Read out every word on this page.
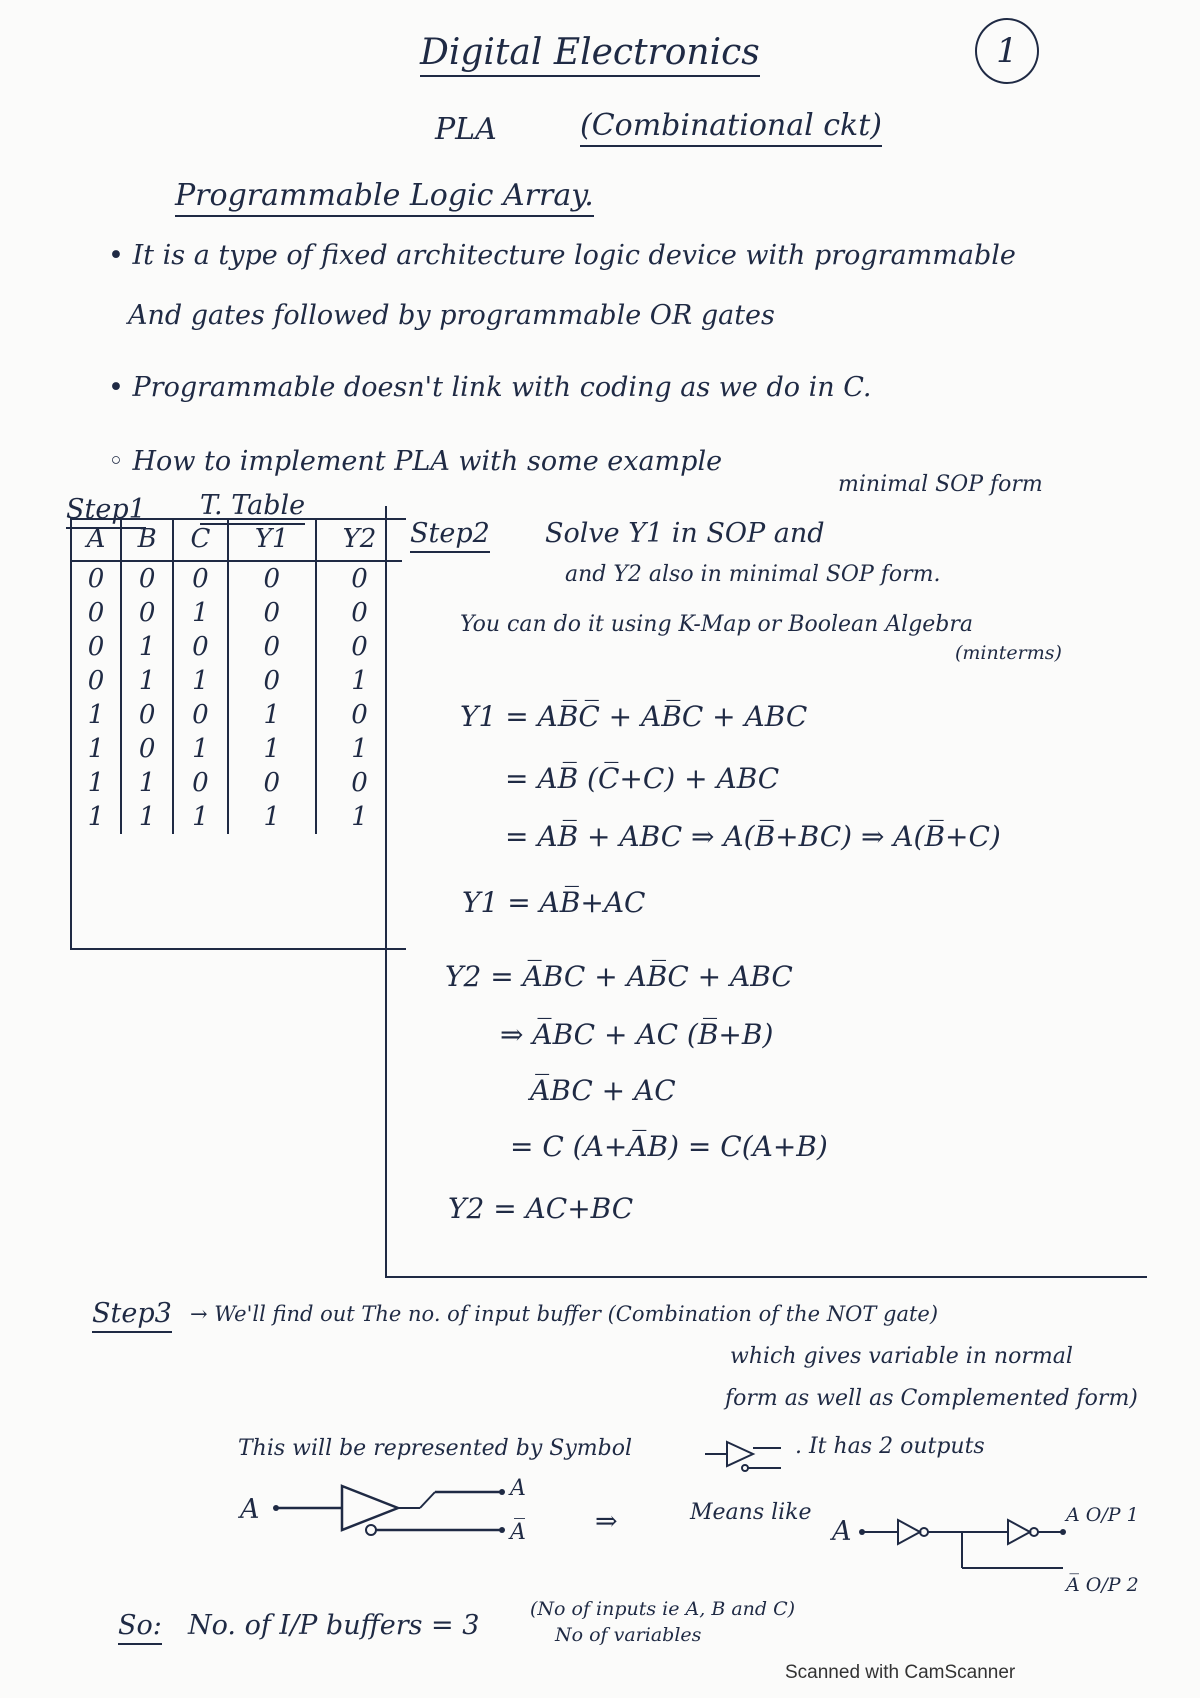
Digital Electronics	1
PLA	(Combinational ckt)
Programmable Logic Array.
• It is a type of fixed architecture logic device with programmable
And gates followed by programmable OR gates
• Programmable doesn't link with coding as we do in C.
◦ How to implement PLA with some example
Step1 T. Table
A	B	C	Y1	Y2
0	0	0	0	0
0	0	1	0	0
0	1	0	0	0
0	1	1	0	1
1	0	0	1	0
1	0	1	1	1
1	1	0	0	0
1	1	1	1	1
minimal SOP form
Step2 Solve Y1 in SOP and
and Y2 also in minimal SOP form.
You can do it using K-Map or Boolean Algebra
(minterms)
Y1 = AB̅C̅ + AB̅C + ABC
= AB̅ (C̅+C) + ABC
= AB̅ + ABC ⇒ A(B̅+BC) ⇒ A(B̅+C)
Y1 = AB̅+AC
Y2 = A̅BC + AB̅C + ABC
⇒ A̅BC + AC (B̅+B)
A̅BC + AC
= C (A+A̅B) = C(A+B)
Y2 = AC+BC
Step3 → We'll find out The no. of input buffer (Combination of the NOT gate)
which gives variable in normal
form as well as Complemented form)
This will be represented by Symbol	. It has 2 outputs
A
A
A̅	⇒	Means like
A
A O/P 1
A̅ O/P 2
So: No. of I/P buffers = 3
(No of inputs ie A, B and C)
No of variables
Scanned with CamScanner
